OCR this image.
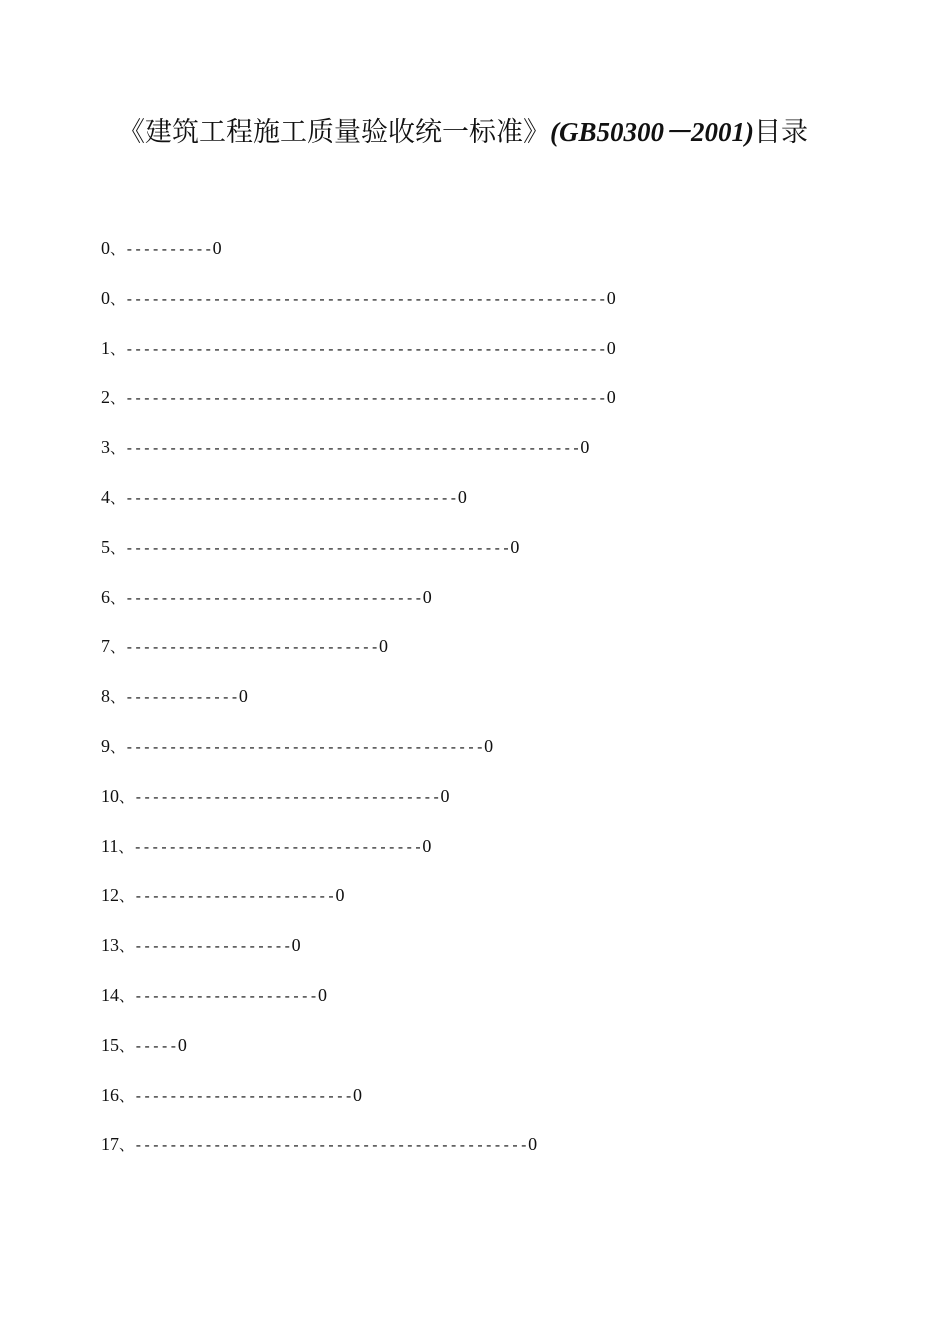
《建筑工程施工质量验收统一标准》(GB50300－2001)目录
0、----------0
0、-------------------------------------------------------0
1、-------------------------------------------------------0
2、-------------------------------------------------------0
3、----------------------------------------------------0
4、--------------------------------------0
5、--------------------------------------------0
6、----------------------------------0
7、-----------------------------0
8、-------------0
9、-----------------------------------------0
10、-----------------------------------0
11、---------------------------------0
12、-----------------------0
13、------------------0
14、---------------------0
15、-----0
16、-------------------------0
17、---------------------------------------------0
